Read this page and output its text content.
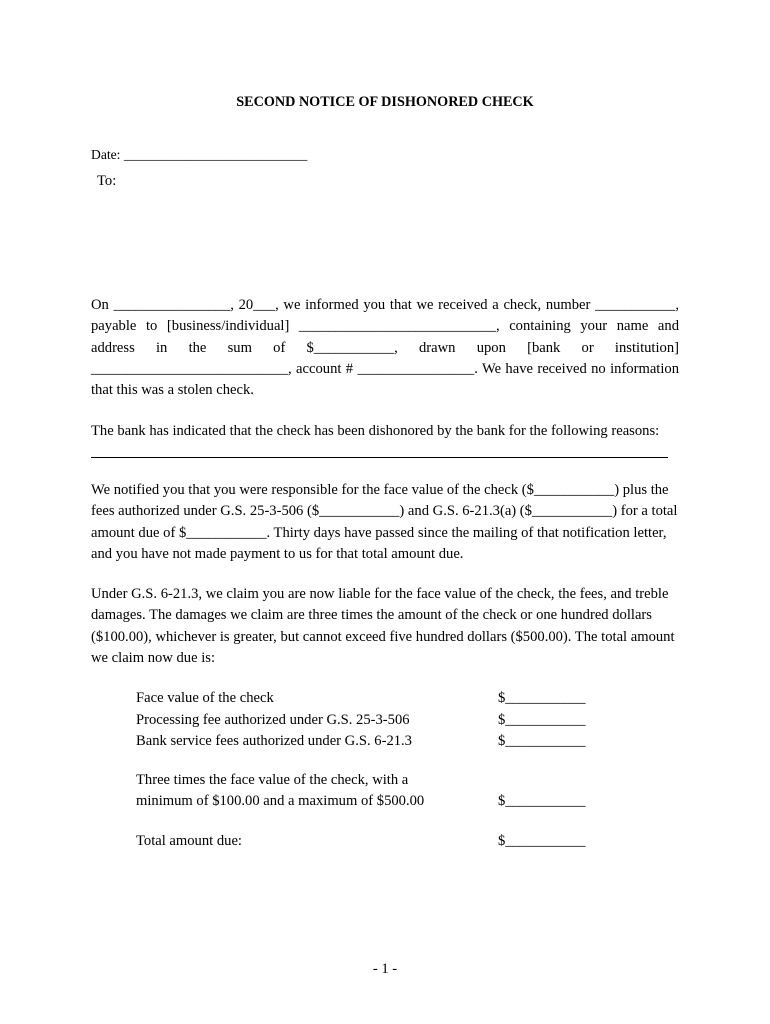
SECOND NOTICE OF DISHONORED CHECK
Date: ___________________________
To:

On ________________, 20___, we informed you that we received a check, number ___________, payable to [business/individual] ___________________________, containing your name and address in the sum of $___________, drawn upon [bank or institution] ___________________________, account # ________________. We have received no information that this was a stolen check.

The bank has indicated that the check has been dishonored by the bank for the following reasons:

We notified you that you were responsible for the face value of the check ($___________) plus the fees authorized under G.S. 25-3-506 ($___________) and G.S. 6-21.3(a) ($___________) for a total amount due of $___________. Thirty days have passed since the mailing of that notification letter, and you have not made payment to us for that total amount due.

Under G.S. 6-21.3, we claim you are now liable for the face value of the check, the fees, and treble damages. The damages we claim are three times the amount of the check or one hundred dollars ($100.00), whichever is greater, but cannot exceed five hundred dollars ($500.00). The total amount we claim now due is:

Face value of the check	$___________
Processing fee authorized under G.S. 25-3-506	$___________
Bank service fees authorized under G.S. 6-21.3	$___________
Three times the face value of the check, with a
minimum of $100.00 and a maximum of $500.00	$___________
Total amount due:	$___________
- 1 -
